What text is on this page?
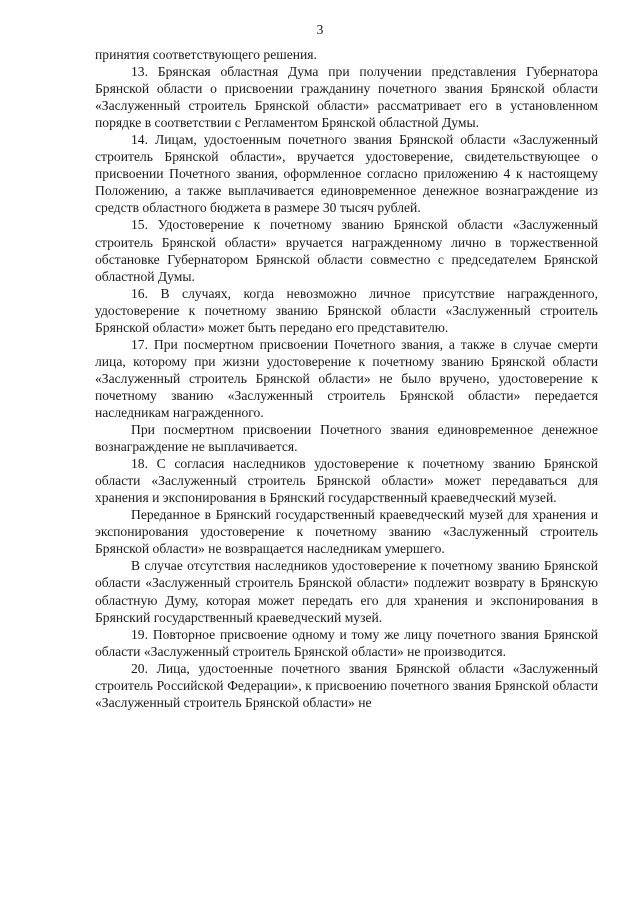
3

принятия соответствующего решения.

13. Брянская областная Дума при получении представления Губернатора Брянской области о присвоении гражданину почетного звания Брянской области «Заслуженный строитель Брянской области» рассматривает его в установленном порядке в соответствии с Регламентом Брянской областной Думы.

14. Лицам, удостоенным почетного звания Брянской области «Заслуженный строитель Брянской области», вручается удостоверение, свидетельствующее о присвоении Почетного звания, оформленное согласно приложению 4 к настоящему Положению, а также выплачивается единовременное денежное вознаграждение из средств областного бюджета в размере 30 тысяч рублей.

15. Удостоверение к почетному званию Брянской области «Заслуженный строитель Брянской области» вручается награжденному лично в торжественной обстановке Губернатором Брянской области совместно с председателем Брянской областной Думы.

16. В случаях, когда невозможно личное присутствие награжденного, удостоверение к почетному званию Брянской области «Заслуженный строитель Брянской области» может быть передано его представителю.

17. При посмертном присвоении Почетного звания, а также в случае смерти лица, которому при жизни удостоверение к почетному званию Брянской области «Заслуженный строитель Брянской области» не было вручено, удостоверение к почетному званию «Заслуженный строитель Брянской области» передается наследникам награжденного.

При посмертном присвоении Почетного звания единовременное денежное вознаграждение не выплачивается.

18. С согласия наследников удостоверение к почетному званию Брянской области «Заслуженный строитель Брянской области» может передаваться для хранения и экспонирования в Брянский государственный краеведческий музей.

Переданное в Брянский государственный краеведческий музей для хранения и экспонирования удостоверение к почетному званию «Заслуженный строитель Брянской области» не возвращается наследникам умершего.

В случае отсутствия наследников удостоверение к почетному званию Брянской области «Заслуженный строитель Брянской области» подлежит возврату в Брянскую областную Думу, которая может передать его для хранения и экспонирования в Брянский государственный краеведческий музей.

19. Повторное присвоение одному и тому же лицу почетного звания Брянской области «Заслуженный строитель Брянской области» не производится.

20. Лица, удостоенные почетного звания Брянской области «Заслуженный строитель Российской Федерации», к присвоению почетного звания Брянской области «Заслуженный строитель Брянской области» не
